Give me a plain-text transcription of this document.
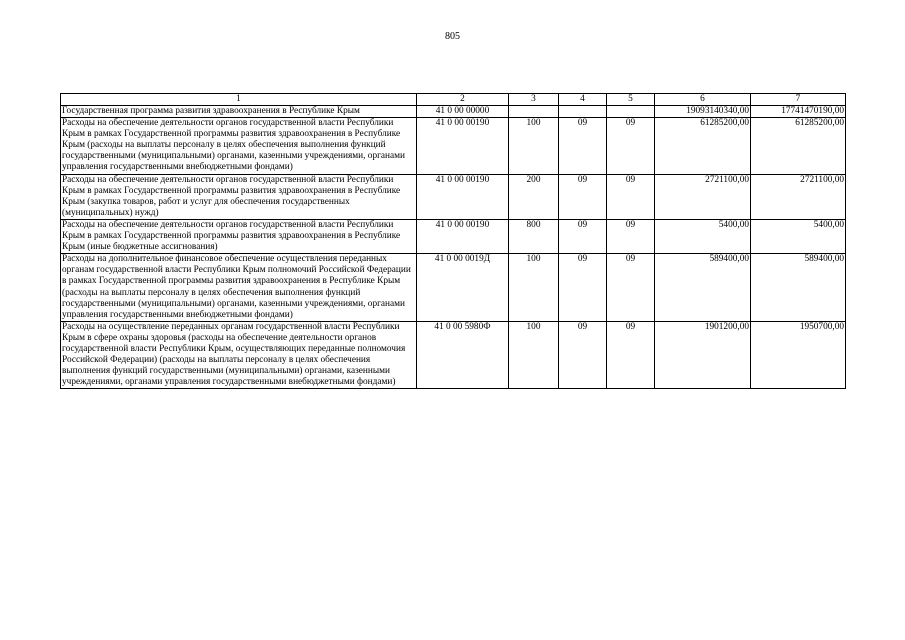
805
1	2	3	4	5	6	7
Государственная программа развития здравоохранения в Республике Крым	41 0 00 00000				19093140340,00	17741470190,00
Расходы на обеспечение деятельности органов государственной власти Республики Крым в рамках Государственной программы развития здравоохранения в Республике Крым (расходы на выплаты персоналу в целях обеспечения выполнения функций государственными (муниципальными) органами, казенными учреждениями, органами управления государственными внебюджетными фондами)	41 0 00 00190	100	09	09	61285200,00	61285200,00
Расходы на обеспечение деятельности органов государственной власти Республики Крым в рамках Государственной программы развития здравоохранения в Республике Крым (закупка товаров, работ и услуг для обеспечения государственных (муниципальных) нужд)	41 0 00 00190	200	09	09	2721100,00	2721100,00
Расходы на обеспечение деятельности органов государственной власти Республики Крым в рамках Государственной программы развития здравоохранения в Республике Крым (иные бюджетные ассигнования)	41 0 00 00190	800	09	09	5400,00	5400,00
Расходы на дополнительное финансовое обеспечение осуществления переданных органам государственной власти Республики Крым полномочий Российской Федерации в рамках Государственной программы развития здравоохранения в Республике Крым (расходы на выплаты персоналу в целях обеспечения выполнения функций государственными (муниципальными) органами, казенными учреждениями, органами управления государственными внебюджетными фондами)	41 0 00 0019Д	100	09	09	589400,00	589400,00
Расходы на осуществление переданных органам государственной власти Республики Крым в сфере охраны здоровья (расходы на обеспечение деятельности органов государственной власти Республики Крым, осуществляющих переданные полномочия Российской Федерации) (расходы на выплаты персоналу в целях обеспечения выполнения функций государственными (муниципальными) органами, казенными учреждениями, органами управления государственными внебюджетными фондами)	41 0 00 5980Ф	100	09	09	1901200,00	1950700,00
